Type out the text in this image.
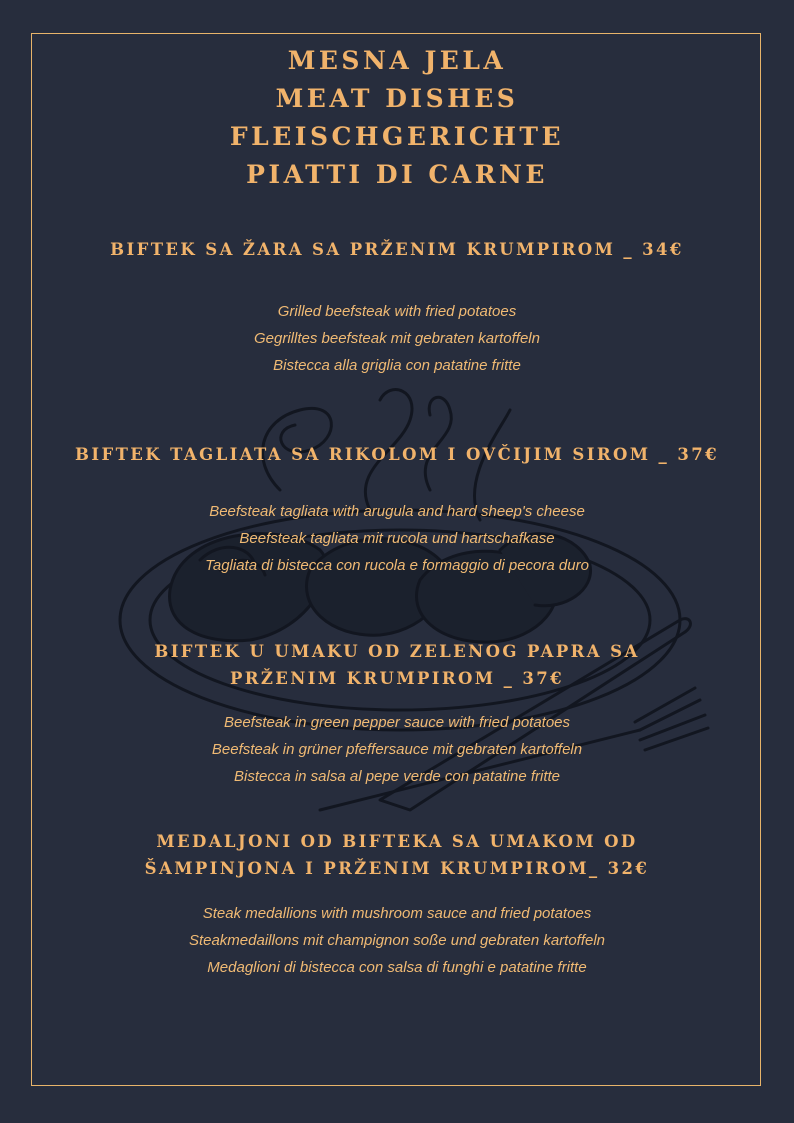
MESNA JELA
MEAT DISHES
FLEISCHGERICHTE
PIATTI DI CARNE
BIFTEK SA ŽARA SA PRŽENIM KRUMPIROM _ 34€
Grilled beefsteak with fried potatoes
Gegrilltes beefsteak mit gebraten kartoffeln
Bistecca alla griglia con patatine fritte
BIFTEK TAGLIATA SA RIKOLOM I OVČIJIM SIROM _ 37€
Beefsteak tagliata with arugula and hard sheep's cheese
Beefsteak tagliata mit rucola und hartschafkase
Tagliata di bistecca con rucola e formaggio di pecora duro
BIFTEK U UMAKU OD ZELENOG PAPRA SA
PRŽENIM KRUMPIROM _ 37€
Beefsteak in green pepper sauce with fried potatoes
Beefsteak in grüner pfeffersauce mit gebraten kartoffeln
Bistecca in salsa al pepe verde con patatine fritte
MEDALJONI OD BIFTEKA SA UMAKOM OD
ŠAMPINJONA I PRŽENIM KRUMPIROM_ 32€
Steak medallions with mushroom sauce and fried potatoes
Steakmedaillons mit champignon soße und gebraten kartoffeln
Medaglioni di bistecca con salsa di funghi e patatine fritte
